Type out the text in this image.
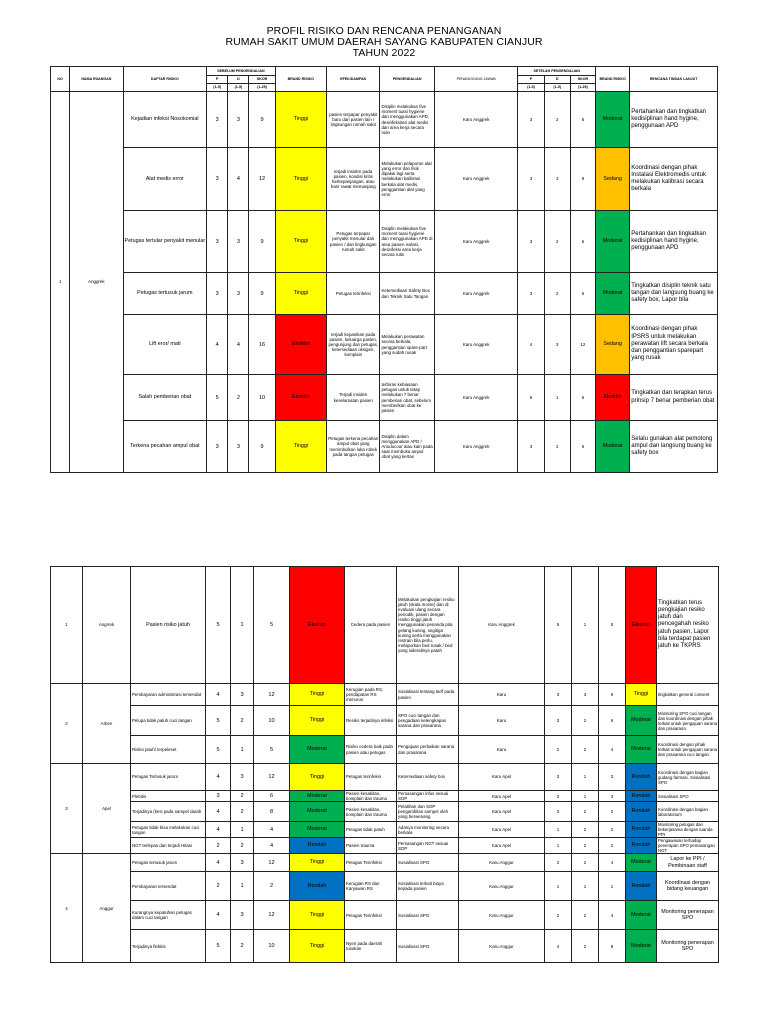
PROFIL RISIKO DAN RENCANA PENANGANAN
RUMAH SAKIT UMUM DAERAH SAYANG KABUPATEN CIANJUR
TAHUN 2022
NO	NAMA RUANGAN	DAFTAR RISIKO	SEBELUM PENGENDALIAN			BRAND RISIKO	EFEK/DAMPAK	PENGENDALIAN	PENANGGUNG JAWAB	SETELAH PENGENDALIAN			BRAND RISIKO	RENCANA TINDAK LANJUT
			P	D	SKOR					P	D	SKOR		
			(1-5)	(1-5)	(1-25)					(1-5)	(1-5)	(1-25)		
1	Anggrek	Kejadian infeksi Nosokomial	3	3	9	Tinggi	pasien terpapar penyakit baru dari pasien lain / lingkungan rumah sakit	Disiplin melakukan five moment tuasi hygiene dan menggunakan APD, desinfeksitan alat medis dan area kerja secara rutin	Karu Anggrek	3	2	6	Moderat	Pertahankan dan tingkatkan kedisiplinan hand hygine, penggunaan APD
		Alat medis error	3	4	12	Tinggi	terjadi insiden pada pasien, kondisi kritis berkepanjangan, atau harir rawat memanjang	Melakukan pelaporan alat yang error dan fisik dipakai lagi serta melakukan kalibrasi berkala alat medis, penggantian alat yang error	Karu Anggrek	3	3	9	Sedang	Koordinasi dengan pihak Instalasi Elektromedis untuk melakukan kalibrasi secara berkala
		Petugas tertular penyakit menular	3	3	9	Tinggi	Petugas terpapar penyakit menular dari pasien / dan lingkungan rumah sakit	Disiplin melakukan five moment tuasi hygiene dan menggunakan APD di area pasien isolasi, desinfeksi area kerja secara rutin	Karu Anggrek	3	2	6	Moderat	Pertahankan dan tingkatkan kedisiplinan hand hygine, penggunaan APD
		Petugas tertusuk jarum	3	3	9	Tinggi	Petugas terinfeksi	Ketersediaan Safety Box dan Teknik Satu Tangan	Karu Anggrek	3	2	6	Moderat	Tingkatkan disiplin teknik satu tangan dan langsung buang ke safety box, Lapor bila
		Lift eror/ mati	4	4	16	Ekstrim	terjadi kepanikan pada pasien, keluarga pasien, pengunjung dan petugas, ketersediaan oksigen, komplain	Melakukan perawatan secara berkala, penggantian spare-part yang sudah rusak	Karu Anggrek	4	3	12	Sedang	Koordinasi dengan pihak IPSRS untuk melakukan perawatan lift secara berkala dan penggantian sparepart yang rusak
		Salah pemberian obat	5	2	10	Ekstrim	Terjadi insiden keselamatan pasien	terbiran kebiasaan petugas untuk tetap melakukan 7 benar pemberian obat, sebelum memberikan obat ke pasien	Karu Anggrek	5	1	5	Ekstrim	Tingkatkan dan terapkan terus prinsip 7 benar pemberian obat
		Terkena pecahan ampul obat	3	3	9	Tinggi	Petugas terkena pecahan ampul obat yang menimbulkan luka robek pada tangan petugas	Disiplin dalam menggunakan APD / Anoducoor atau kain pada saat membuka ampul obat yang kertas	Karu Anggrek	3	2	6	Moderat	Selalu gunakan alat pemotong ampul dan langsung buang ke safety box
1	Angrrek	Pasien risiko jatuh	5	1	5	Ekstrim	Cedera pada pasien	Melakukan pengkajian resiko jatuh (skala morse) dan di evaluasi ulang secara periodik, pasien dengan resiko tinggi jatuh menggunakan penanda pita gelang kuning, segitiga kuning serta menggunakan restrain bila perlu, melaporkan bed rusak / bed yang siderailnya patah	Karu Anggrek	5	1	5	Ekstrim	Tingkatkan terus pengkajian resiko jatuh dan pencegahah resiko jatuh pasien, Lapor bila terdapat pasien jatuh ke TKPRS
2	Arben	Pembayaran administrasi tersendat	4	3	12	Tinggi	Kerugian pada RS, pendapatan RS menurun	Sosialisasi tentang tarif pada pasien	Karu	3	3	9	Tinggi	tingkatkan general consent
		Pelupa tidak paluh cuci tangan	5	2	10	Tinggi	Resiko terjadinya infeksi	SPO cuci tangan dan pengadaan kelengkapan sarana dan prasarana	Karu	3	2	6	Moderat	Monitoring SPO cuci tangan dan koordinasi dengan pihak terkait untuk pengajuan sarana dan prasarana
		Risiko jatuh/ terpeleset	5	1	5	Moderat	Risiko cedera baik pada pasien atau petugas	Pengajuan perbaikan sarana dan prasarana	Karu	2	2	4	Moderat	Koordinasi dengan pihak terkait untuk pengajuan sarana dan prasarana cuci tangan
3	Apel	Petugas Tertusuk jarum	4	3	12	Tinggi	Petugas terinfeksi	Ketersediaan safety box	Karu Apel	3	1	3	Rendah	Koordinasi dengan bagian gudang farmasi. Sosialisasi SPO
		Plebitis	3	2	6	Moderat	Pasien kesakitan, komplain dan trauma	Pemasangan infus sesuai SOP	Karu Apel	3	1	3	Rendah	Sosialisasi SPO
		Terjadinya (kesi pada sampel darah	4	2	8	Moderat	Pasien kesakitan, komplain dan trauma	Pelatihan dan SOP pengambilan sampel oleh yang berwenang	Karu Apel	3	2	2	Rendah	Koordinasi dengan bagian laboratorium
		Petugas tidak bisa melakukan cuci tangan	4	1	4	Moderat	Petugas tidak patuh	Adanya monitoring secara berkala	Karu Apel	1	2	2	Rendah	Monitoring petugas dan bekerjasama dengan tuanda PPI
		NGT terlepas dan terjadi Hitasi	2	2	4	Rendah	Pasien trauma	Pemasangan NGT sesuai SOP	Karu Apel	1	2	2	Rendah	Pengawasan terhadap penerapan SPO pemasangan NGT
4	Anggur	Petugas tertusuk jarum	4	3	12	Tinggi	Petugas Terinfeksi	Sosialisasi SPO	Karu Anggur	2	2	4	Moderat	Lapor ke PPI / Pembinaan staff
		Pembayaran tersendat	2	1	2	Rendah	Kerugian RS dan Karyawan RS	Sosialisasi terkait biaya kepada pasien	Karu Anggur	1	1	1	Rendah	Koordinasi dengan bidang keuangan
		Kurangnya kepatuhan petugas dalam cuci tangan	4	3	12	Tinggi	Petugas Terinfeksi	Sosialisasi SPO	Karu Anggur	2	2	4	Moderat	Monitoring penerapan SPO
		Terjadinya flebitis	5	2	10	Tinggi	Nyeri pada daerah tusukan	Sosialisasi SPO	Karu Anggur	4	2	8	Moderat	Monitoring penerapan SPO
